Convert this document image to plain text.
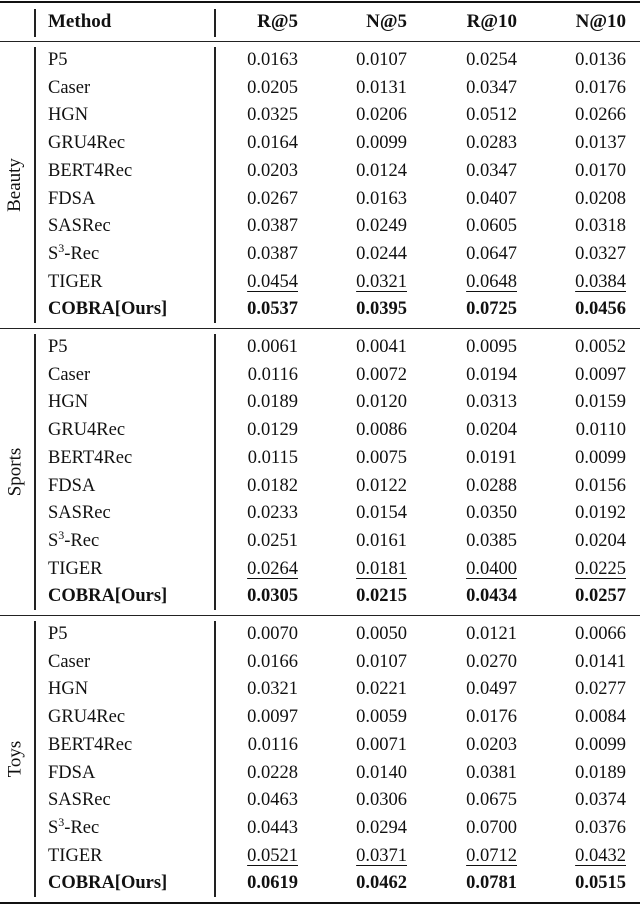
Method	R@5	N@5	R@10	N@10
Beauty
P5	0.0163	0.0107	0.0254	0.0136
Caser	0.0205	0.0131	0.0347	0.0176
HGN	0.0325	0.0206	0.0512	0.0266
GRU4Rec	0.0164	0.0099	0.0283	0.0137
BERT4Rec	0.0203	0.0124	0.0347	0.0170
FDSA	0.0267	0.0163	0.0407	0.0208
SASRec	0.0387	0.0249	0.0605	0.0318
$S^3$-Rec	0.0387	0.0244	0.0647	0.0327
TIGER	0.0454	0.0321	0.0648	0.0384
COBRA[Ours]	0.0537	0.0395	0.0725	0.0456
Sports
P5	0.0061	0.0041	0.0095	0.0052
Caser	0.0116	0.0072	0.0194	0.0097
HGN	0.0189	0.0120	0.0313	0.0159
GRU4Rec	0.0129	0.0086	0.0204	0.0110
BERT4Rec	0.0115	0.0075	0.0191	0.0099
FDSA	0.0182	0.0122	0.0288	0.0156
SASRec	0.0233	0.0154	0.0350	0.0192
$S^3$-Rec	0.0251	0.0161	0.0385	0.0204
TIGER	0.0264	0.0181	0.0400	0.0225
COBRA[Ours]	0.0305	0.0215	0.0434	0.0257
Toys
P5	0.0070	0.0050	0.0121	0.0066
Caser	0.0166	0.0107	0.0270	0.0141
HGN	0.0321	0.0221	0.0497	0.0277
GRU4Rec	0.0097	0.0059	0.0176	0.0084
BERT4Rec	0.0116	0.0071	0.0203	0.0099
FDSA	0.0228	0.0140	0.0381	0.0189
SASRec	0.0463	0.0306	0.0675	0.0374
$S^3$-Rec	0.0443	0.0294	0.0700	0.0376
TIGER	0.0521	0.0371	0.0712	0.0432
COBRA[Ours]	0.0619	0.0462	0.0781	0.0515
